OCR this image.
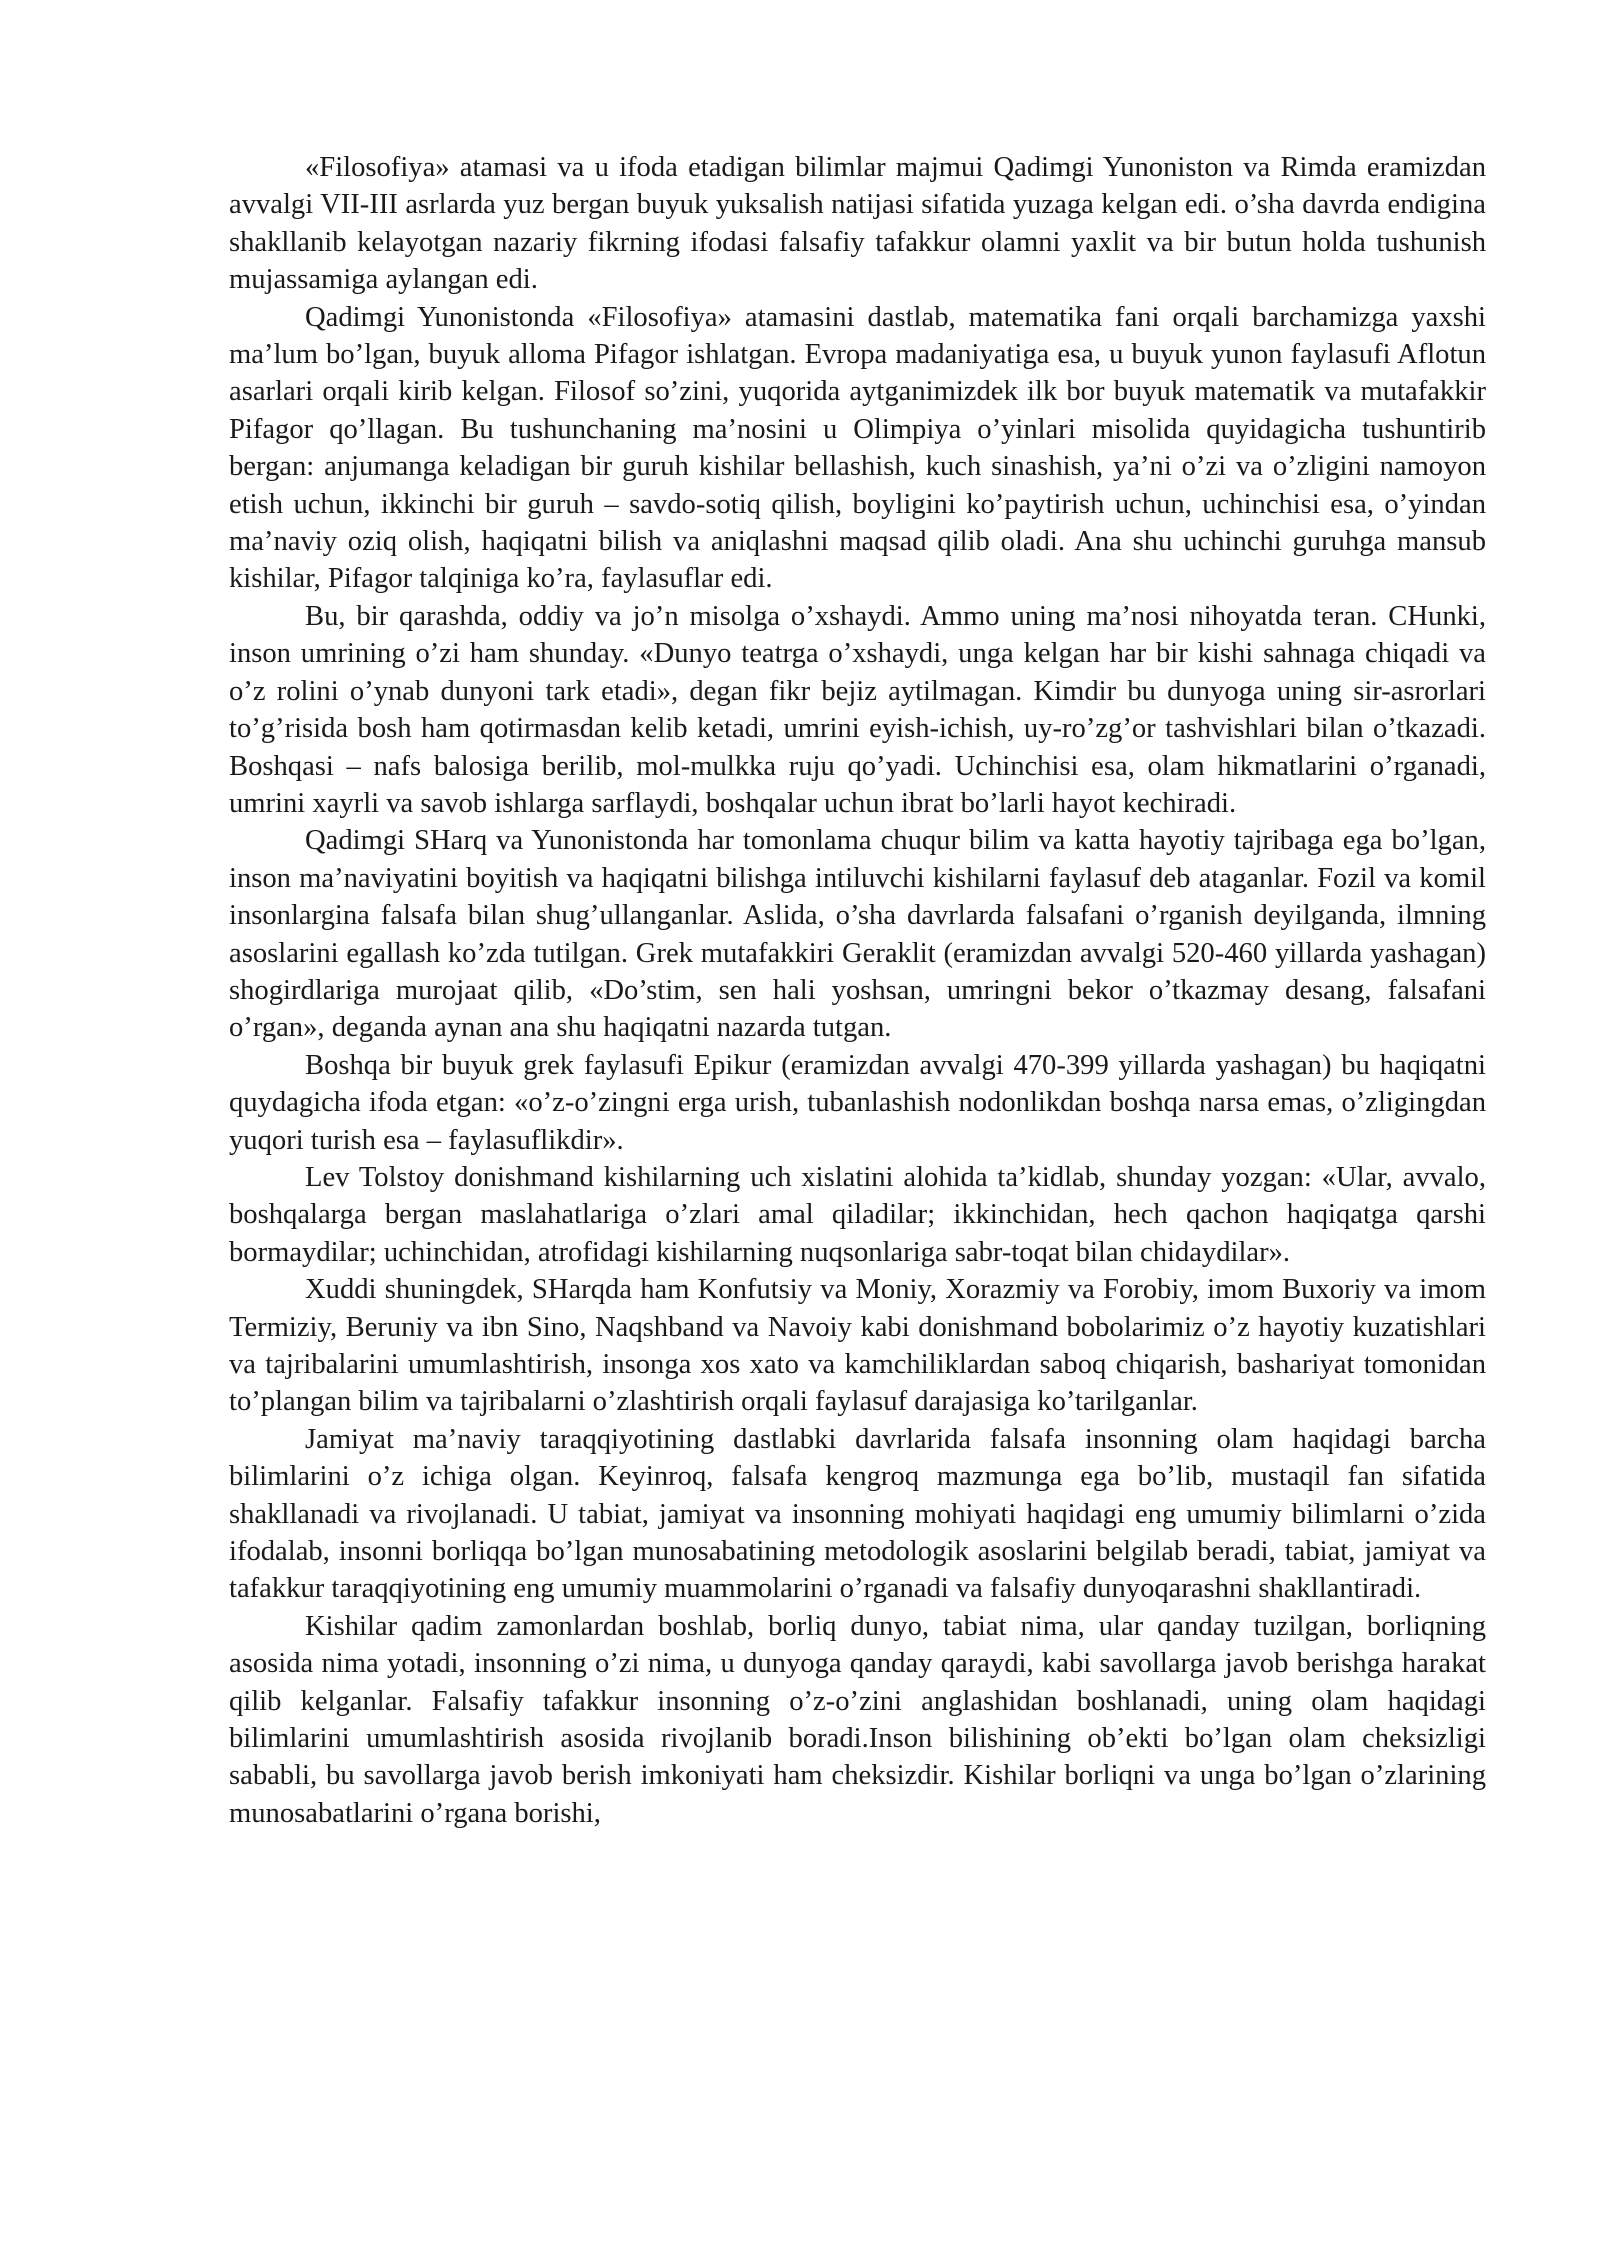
«Filosofiya» atamasi va u ifoda etadigan bilimlar majmui Qadimgi Yunoniston va Rimda eramizdan avvalgi VII-III asrlarda yuz bergan buyuk yuksalish natijasi sifatida yuzaga kelgan edi. o’sha davrda endigina shakllanib kelayotgan nazariy fikrning ifodasi falsafiy tafakkur olamni yaxlit va bir butun holda tushunish mujassamiga aylangan edi.

Qadimgi Yunonistonda «Filosofiya» atamasini dastlab, matematika fani orqali barchamizga yaxshi ma’lum bo’lgan, buyuk alloma Pifagor ishlatgan. Evropa madaniyatiga esa, u buyuk yunon faylasufi Aflotun asarlari orqali kirib kelgan. Filosof so’zini, yuqorida aytganimizdek ilk bor buyuk matematik va mutafakkir Pifagor qo’llagan. Bu tushunchaning ma’nosini u Olimpiya o’yinlari misolida quyidagicha tushuntirib bergan: anjumanga keladigan bir guruh kishilar bellashish, kuch sinashish, ya’ni o’zi va o’zligini namoyon etish uchun, ikkinchi bir guruh – savdo-sotiq qilish, boyligini ko’paytirish uchun, uchinchisi esa, o’yindan ma’naviy oziq olish, haqiqatni bilish va aniqlashni maqsad qilib oladi. Ana shu uchinchi guruhga mansub kishilar, Pifagor talqiniga ko’ra, faylasuflar edi.

Bu, bir qarashda, oddiy va jo’n misolga o’xshaydi. Ammo uning ma’nosi nihoyatda teran. CHunki, inson umrining o’zi ham shunday. «Dunyo teatrga o’xshaydi, unga kelgan har bir kishi sahnaga chiqadi va o’z rolini o’ynab dunyoni tark etadi», degan fikr bejiz aytilmagan. Kimdir bu dunyoga uning sir-asrorlari to’g’risida bosh ham qotirmasdan kelib ketadi, umrini eyish-ichish, uy-ro’zg’or tashvishlari bilan o’tkazadi. Boshqasi – nafs balosiga berilib, mol-mulkka ruju qo’yadi. Uchinchisi esa, olam hikmatlarini o’rganadi, umrini xayrli va savob ishlarga sarflaydi, boshqalar uchun ibrat bo’larli hayot kechiradi.

Qadimgi SHarq va Yunonistonda har tomonlama chuqur bilim va katta hayotiy tajribaga ega bo’lgan, inson ma’naviyatini boyitish va haqiqatni bilishga intiluvchi kishilarni faylasuf deb ataganlar. Fozil va komil insonlargina falsafa bilan shug’ullanganlar. Aslida, o’sha davrlarda falsafani o’rganish deyilganda, ilmning asoslarini egallash ko’zda tutilgan. Grek mutafakkiri Geraklit (eramizdan avvalgi 520-460 yillarda yashagan) shogirdlariga murojaat qilib, «Do’stim, sen hali yoshsan, umringni bekor o’tkazmay desang, falsafani o’rgan», deganda aynan ana shu haqiqatni nazarda tutgan.

Boshqa bir buyuk grek faylasufi Epikur (eramizdan avvalgi 470-399 yillarda yashagan) bu haqiqatni quydagicha ifoda etgan: «o’z-o’zingni erga urish, tubanlashish nodonlikdan boshqa narsa emas, o’zligingdan yuqori turish esa – faylasuflikdir».

Lev Tolstoy donishmand kishilarning uch xislatini alohida ta’kidlab, shunday yozgan: «Ular, avvalo, boshqalarga bergan maslahatlariga o’zlari amal qiladilar; ikkinchidan, hech qachon haqiqatga qarshi bormaydilar; uchinchidan, atrofidagi kishilarning nuqsonlariga sabr-toqat bilan chidaydilar».

Xuddi shuningdek, SHarqda ham Konfutsiy va Moniy, Xorazmiy va Forobiy, imom Buxoriy va imom Termiziy, Beruniy va ibn Sino, Naqshband va Navoiy kabi donishmand bobolarimiz o’z hayotiy kuzatishlari va tajribalarini umumlashtirish, insonga xos xato va kamchiliklardan saboq chiqarish, bashariyat tomonidan to’plangan bilim va tajribalarni o’zlashtirish orqali faylasuf darajasiga ko’tarilganlar.

Jamiyat ma’naviy taraqqiyotining dastlabki davrlarida falsafa insonning olam haqidagi barcha bilimlarini o’z ichiga olgan. Keyinroq, falsafa kengroq mazmunga ega bo’lib, mustaqil fan sifatida shakllanadi va rivojlanadi. U tabiat, jamiyat va insonning mohiyati haqidagi eng umumiy bilimlarni o’zida ifodalab, insonni borliqqa bo’lgan munosabatining metodologik asoslarini belgilab beradi, tabiat, jamiyat va tafakkur taraqqiyotining eng umumiy muammolarini o’rganadi va falsafiy dunyoqarashni shakllantiradi.

Kishilar qadim zamonlardan boshlab, borliq dunyo, tabiat nima, ular qanday tuzilgan, borliqning asosida nima yotadi, insonning o’zi nima, u dunyoga qanday qaraydi, kabi savollarga javob berishga harakat qilib kelganlar. Falsafiy tafakkur insonning o’z-o’zini anglashidan boshlanadi, uning olam haqidagi bilimlarini umumlashtirish asosida rivojlanib boradi.Inson bilishining ob’ekti bo’lgan olam cheksizligi sababli, bu savollarga javob berish imkoniyati ham cheksizdir. Kishilar borliqni va unga bo’lgan o’zlarining munosabatlarini o’rgana borishi,
